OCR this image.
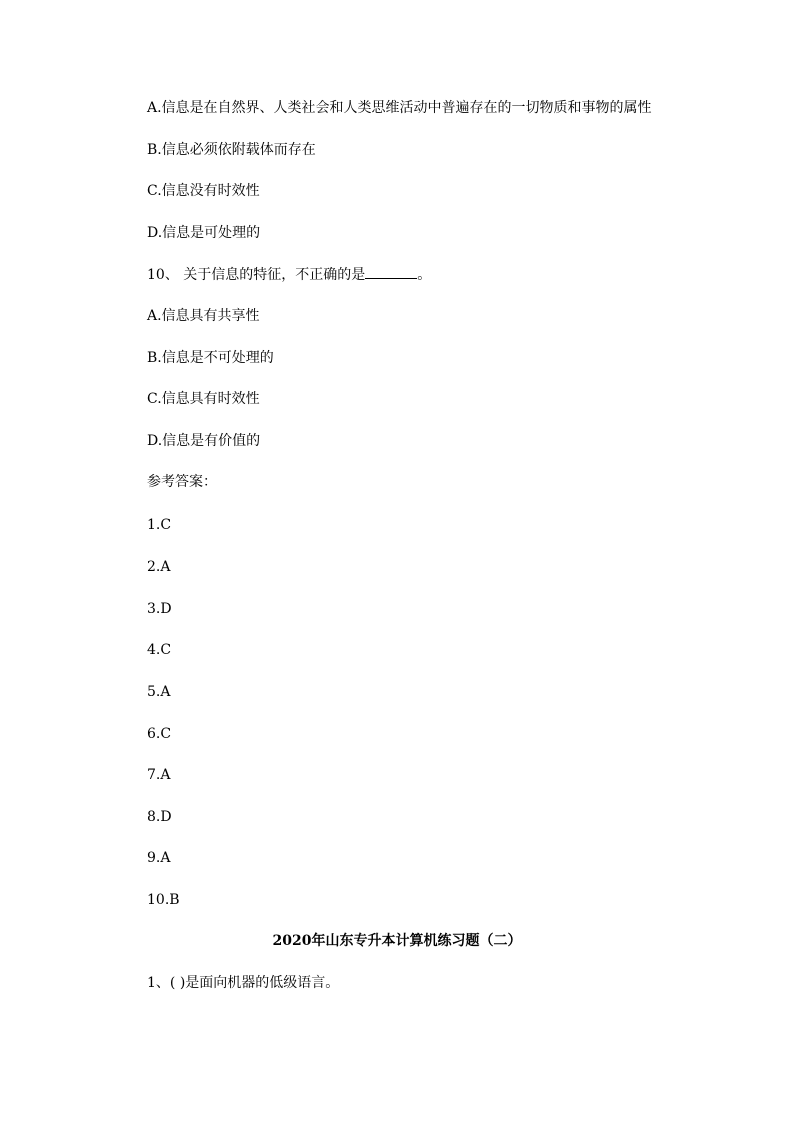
A.信息是在自然界、人类社会和人类思维活动中普遍存在的一切物质和事物的属性
B.信息必须依附载体而存在
C.信息没有时效性
D.信息是可处理的
10、 关于信息的特征，不正确的是	。
A.信息具有共享性
B.信息是不可处理的
C.信息具有时效性
D.信息是有价值的
参考答案：
1.C
2.A
3.D
4.C
5.A
6.C
7.A
8.D
9.A
10.B
2020年山东专升本计算机练习题（二）
1、( )是面向机器的低级语言。
